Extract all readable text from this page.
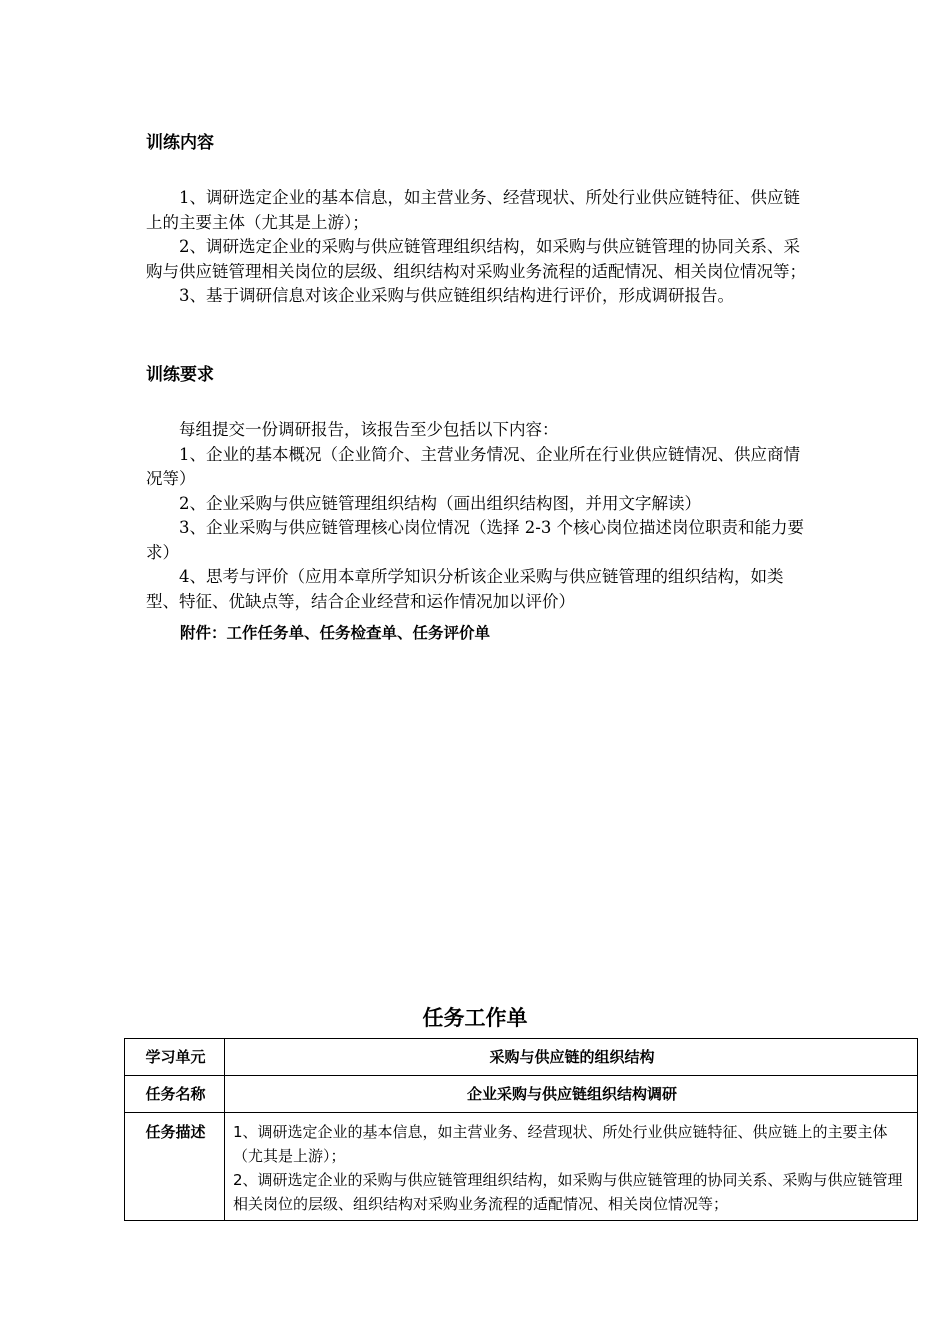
训练内容

1、调研选定企业的基本信息，如主营业务、经营现状、所处行业供应链特征、供应链上的主要主体（尤其是上游）；

2、调研选定企业的采购与供应链管理组织结构，如采购与供应链管理的协同关系、采购与供应链管理相关岗位的层级、组织结构对采购业务流程的适配情况、相关岗位情况等；

3、基于调研信息对该企业采购与供应链组织结构进行评价，形成调研报告。

训练要求

每组提交一份调研报告，该报告至少包括以下内容：

1、企业的基本概况（企业简介、主营业务情况、企业所在行业供应链情况、供应商情况等）

2、企业采购与供应链管理组织结构（画出组织结构图，并用文字解读）

3、企业采购与供应链管理核心岗位情况（选择 2-3 个核心岗位描述岗位职责和能力要求）

4、思考与评价（应用本章所学知识分析该企业采购与供应链管理的组织结构，如类型、特征、优缺点等，结合企业经营和运作情况加以评价）

附件：工作任务单、任务检查单、任务评价单
任务工作单
学习单元	采购与供应链的组织结构

任务名称	企业采购与供应链组织结构调研

任务描述	1、调研选定企业的基本信息，如主营业务、经营现状、所处行业供应链特征、供应链上的主要主体（尤其是上游）；

2、调研选定企业的采购与供应链管理组织结构，如采购与供应链管理的协同关系、采购与供应链管理相关岗位的层级、组织结构对采购业务流程的适配情况、相关岗位情况等；
